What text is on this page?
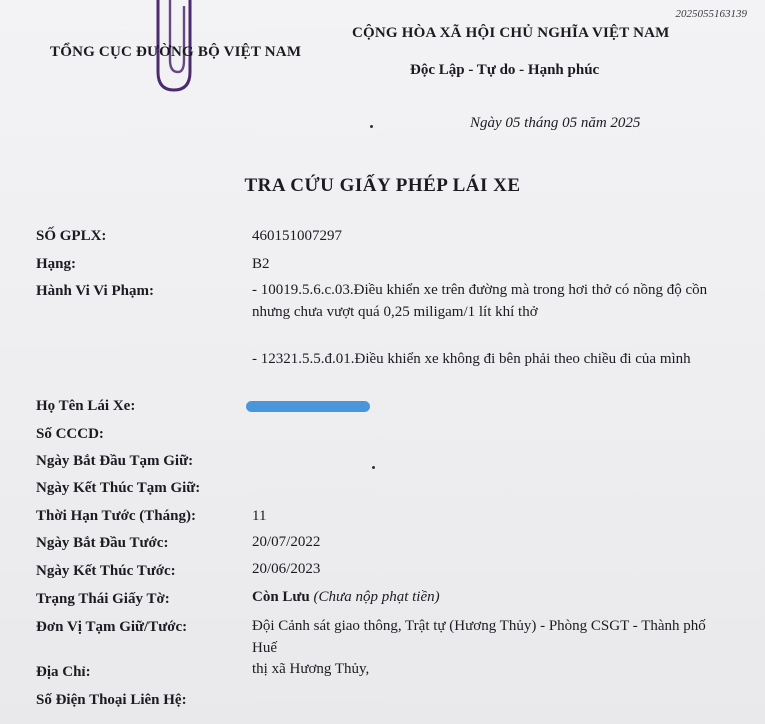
2025055163139
TỔNG CỤC ĐƯỜNG BỘ VIỆT NAM
CỘNG HÒA XÃ HỘI CHỦ NGHĨA VIỆT NAM
Độc Lập - Tự do - Hạnh phúc
Ngày 05 tháng 05 năm 2025
TRA CỨU GIẤY PHÉP LÁI XE
SỐ GPLX:	460151007297
Hạng:	B2
Hành Vi Vi Phạm:	- 10019.5.6.c.03.Điều khiển xe trên đường mà trong hơi thở có nồng độ cồn nhưng chưa vượt quá 0,25 miligam/1 lít khí thở
- 12321.5.5.đ.01.Điều khiển xe không đi bên phải theo chiều đi của mình
Họ Tên Lái Xe:
Số CCCD:
Ngày Bắt Đầu Tạm Giữ:
Ngày Kết Thúc Tạm Giữ:
Thời Hạn Tước (Tháng):	11
Ngày Bắt Đầu Tước:	20/07/2022
Ngày Kết Thúc Tước:	20/06/2023
Trạng Thái Giấy Tờ:	Còn Lưu (Chưa nộp phạt tiền)
Đơn Vị Tạm Giữ/Tước:	Đội Cảnh sát giao thông, Trật tự (Hương Thủy) - Phòng CSGT - Thành phố Huế
Địa Chỉ:	thị xã Hương Thủy,
Số Điện Thoại Liên Hệ:
